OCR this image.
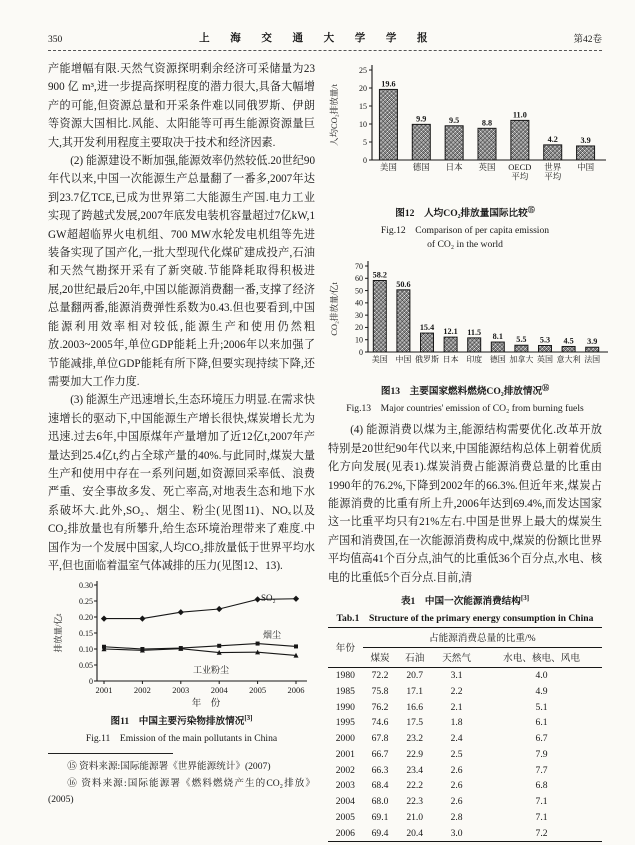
350	上 海 交 通 大 学 学 报	第42卷

产能增幅有限.天然气资源探明剩余经济可采储量为23 900 亿 m³,进一步提高探明程度的潜力很大,具备大幅增产的可能,但资源总量和开采条件难以同俄罗斯、伊朗等资源大国相比.风能、太阳能等可再生能源资源量巨大,其开发利用程度主要取决于技术和经济因素.

(2) 能源建设不断加强,能源效率仍然较低.20世纪90年代以来,中国一次能源生产总量翻了一番多,2007年达到23.7亿TCE,已成为世界第二大能源生产国.电力工业实现了跨越式发展,2007年底发电装机容量超过7亿kW,1 GW超超临界火电机组、700 MW水轮发电机组等先进装备实现了国产化,一批大型现代化煤矿建成投产,石油和天然气勘探开采有了新突破.节能降耗取得积极进展,20世纪最后20年,中国以能源消费翻一番,支撑了经济总量翻两番,能源消费弹性系数为0.43.但也要看到,中国能源利用效率相对较低,能源生产和使用仍然粗放.2003~2005年,单位GDP能耗上升;2006年以来加强了节能减排,单位GDP能耗有所下降,但要实现持续下降,还需要加大工作力度.

(3) 能源生产迅速增长,生态环境压力明显.在需求快速增长的驱动下,中国能源生产增长很快,煤炭增长尤为迅速.过去6年,中国原煤年产量增加了近12亿t,2007年产量达到25.4亿t,约占全球产量的40%.与此同时,煤炭大量生产和使用中存在一系列问题,如资源回采率低、浪费严重、安全事故多发、死亡率高,对地表生态和地下水系破坏大.此外,SO₂、烟尘、粉尘(见图11)、NOₓ以及CO₂排放量也有所攀升,给生态环境治理带来了难度.中国作为一个发展中国家,人均CO₂排放量低于世界平均水平,但也面临着温室气体减排的压力(见图12、13).

0
0.05
0.10
0.15
0.20
0.25
0.30
排放量/亿t
2001	2002	2003	2004	2005	2006
年　份
SO₂
烟尘
工业粉尘
图11　中国主要污染物排放情况[3]
Fig.11　Emission of the main pollutants in China

⑮ 资料来源:国际能源署《世界能源统计》(2007)

⑯ 资料来源:国际能源署《燃料燃烧产生的CO₂排放》(2005)

0
5
10
15
20
25
人均CO₂排放量/t
19.6
美国
9.9
德国
9.5
日本
8.8
英国
11.0
OECD
平均
4.2
世界
平均
3.9
中国
图12　人均CO₂排放量国际比较⑮
Fig.12　Comparison of per capita emission
of CO₂ in the world
0
10
20
30
40
50
60
70
CO₂排放量/亿t
58.2
美国
50.6
中国
15.4
俄罗斯
12.1
日本
11.5
印度
8.1
德国
5.5
加拿大
5.3
英国
4.5
意大利
3.9
法国
图13　主要国家燃料燃烧CO₂排放情况⑯
Fig.13　Major countries' emission of CO₂ from burning fuels

(4) 能源消费以煤为主,能源结构需要优化.改革开放特别是20世纪90年代以来,中国能源结构总体上朝着优质化方向发展(见表1).煤炭消费占能源消费总量的比重由1990年的76.2%,下降到2002年的66.3%.但近年来,煤炭占能源消费的比重有所上升,2006年达到69.4%,而发达国家这一比重平均只有21%左右.中国是世界上最大的煤炭生产国和消费国,在一次能源消费构成中,煤炭的份额比世界平均值高41个百分点,油气的比重低36个百分点,水电、核电的比重低5个百分点.目前,清

表1　中国一次能源消费结构[3]
Tab.1　Structure of the primary energy consumption in China
年份	占能源消费总量的比重/%			
	煤炭	石油	天然气	水电、核电、风电
1980	72.2	20.7	3.1	4.0
1985	75.8	17.1	2.2	4.9
1990	76.2	16.6	2.1	5.1
1995	74.6	17.5	1.8	6.1
2000	67.8	23.2	2.4	6.7
2001	66.7	22.9	2.5	7.9
2002	66.3	23.4	2.6	7.7
2003	68.4	22.2	2.6	6.8
2004	68.0	22.3	2.6	7.1
2005	69.1	21.0	2.8	7.1
2006	69.4	20.4	3.0	7.2
